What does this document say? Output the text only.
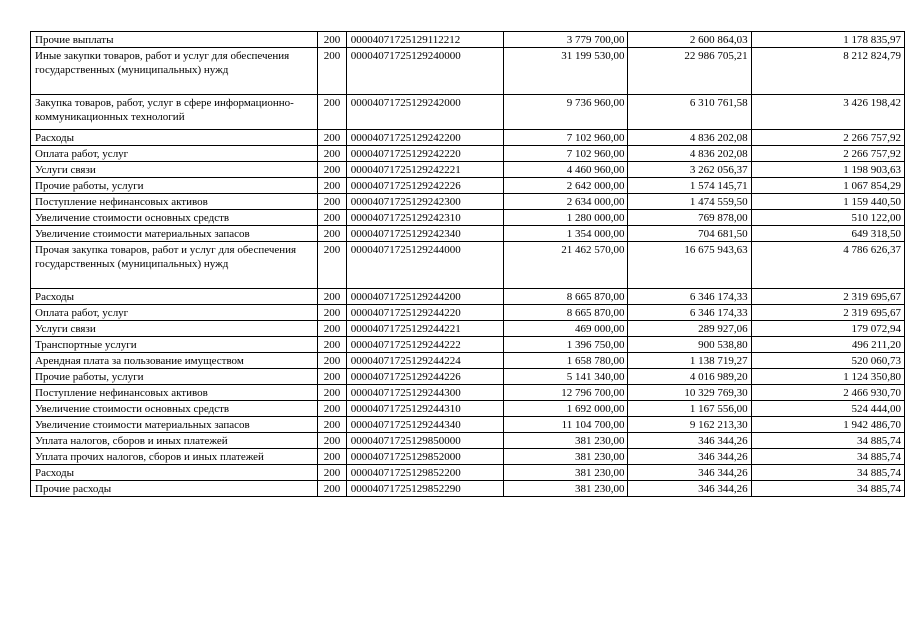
Прочие выплаты	200	00004071725129112212	3 779 700,00	2 600 864,03	1 178 835,97
Иные закупки товаров, работ и услуг для обеспечения государственных (муниципальных) нужд	200	00004071725129240000	31 199 530,00	22 986 705,21	8 212 824,79
Закупка товаров, работ, услуг в сфере информационно-коммуникационных технологий	200	00004071725129242000	9 736 960,00	6 310 761,58	3 426 198,42
Расходы	200	00004071725129242200	7 102 960,00	4 836 202,08	2 266 757,92
Оплата работ, услуг	200	00004071725129242220	7 102 960,00	4 836 202,08	2 266 757,92
Услуги связи	200	00004071725129242221	4 460 960,00	3 262 056,37	1 198 903,63
Прочие работы, услуги	200	00004071725129242226	2 642 000,00	1 574 145,71	1 067 854,29
Поступление нефинансовых активов	200	00004071725129242300	2 634 000,00	1 474 559,50	1 159 440,50
Увеличение стоимости основных средств	200	00004071725129242310	1 280 000,00	769 878,00	510 122,00
Увеличение стоимости материальных запасов	200	00004071725129242340	1 354 000,00	704 681,50	649 318,50
Прочая закупка товаров, работ и услуг для обеспечения государственных (муниципальных) нужд	200	00004071725129244000	21 462 570,00	16 675 943,63	4 786 626,37
Расходы	200	00004071725129244200	8 665 870,00	6 346 174,33	2 319 695,67
Оплата работ, услуг	200	00004071725129244220	8 665 870,00	6 346 174,33	2 319 695,67
Услуги связи	200	00004071725129244221	469 000,00	289 927,06	179 072,94
Транспортные услуги	200	00004071725129244222	1 396 750,00	900 538,80	496 211,20
Арендная плата за пользование имуществом	200	00004071725129244224	1 658 780,00	1 138 719,27	520 060,73
Прочие работы, услуги	200	00004071725129244226	5 141 340,00	4 016 989,20	1 124 350,80
Поступление нефинансовых активов	200	00004071725129244300	12 796 700,00	10 329 769,30	2 466 930,70
Увеличение стоимости основных средств	200	00004071725129244310	1 692 000,00	1 167 556,00	524 444,00
Увеличение стоимости материальных запасов	200	00004071725129244340	11 104 700,00	9 162 213,30	1 942 486,70
Уплата налогов, сборов и иных платежей	200	00004071725129850000	381 230,00	346 344,26	34 885,74
Уплата прочих налогов, сборов и иных платежей	200	00004071725129852000	381 230,00	346 344,26	34 885,74
Расходы	200	00004071725129852200	381 230,00	346 344,26	34 885,74
Прочие расходы	200	00004071725129852290	381 230,00	346 344,26	34 885,74
